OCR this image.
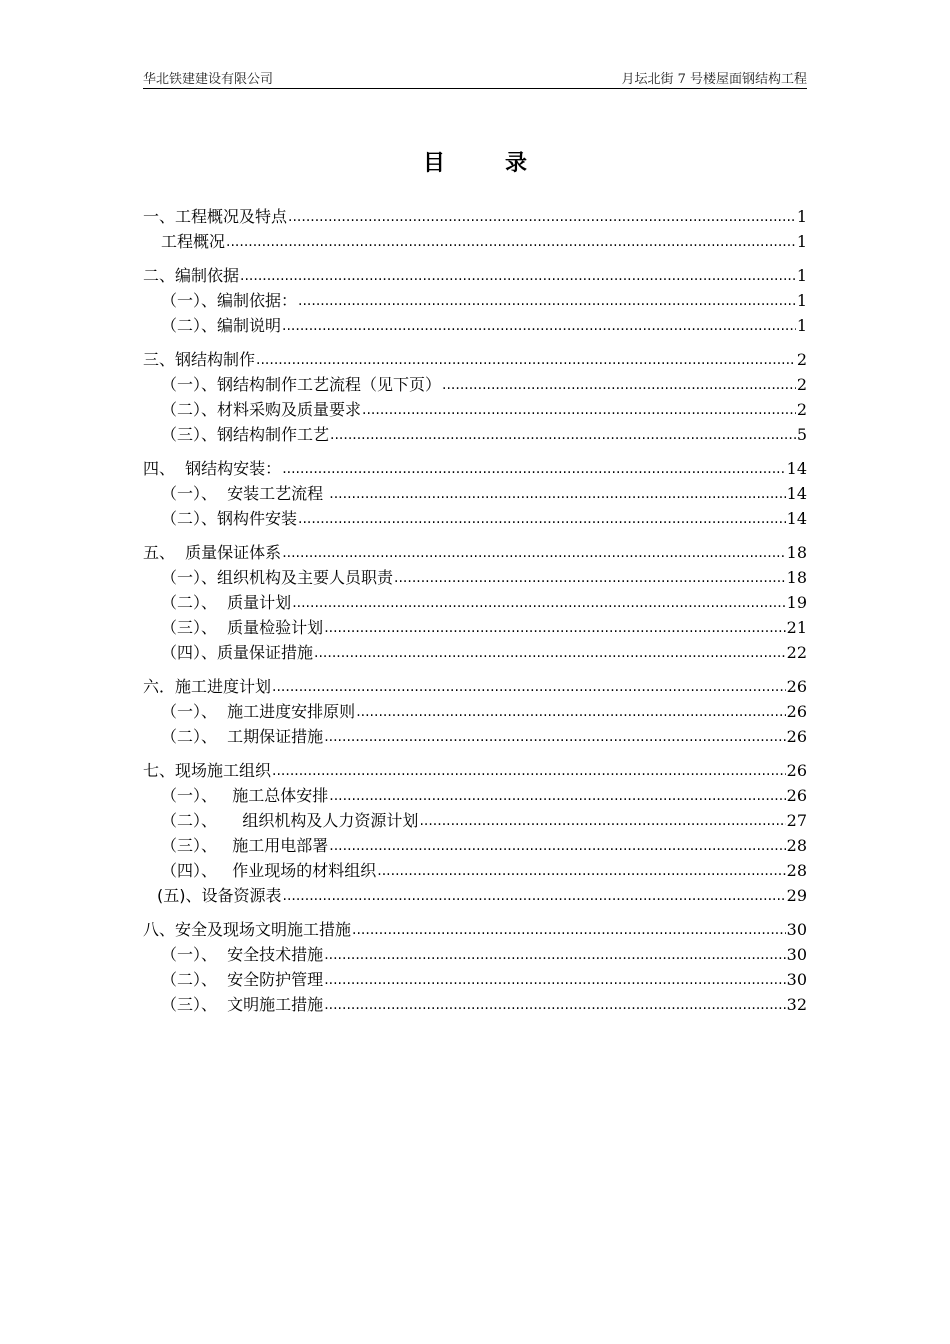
华北铁建建设有限公司	月坛北街 7 号楼屋面钢结构工程
目	录
一、工程概况及特点 .....	1
工程概况 .....	1
二、编制依据 .....	1
（一）、编制依据： .....	1
（二）、编制说明 .....	1
三、钢结构制作 .....	2
（一）、钢结构制作工艺流程（见下页） .....	2
（二）、材料采购及质量要求 .....	2
（三）、钢结构制作工艺 .....	5
四、  钢结构安装： .....	14
（一）、  安装工艺流程 .....	14
（二）、钢构件安装 .....	14
五、  质量保证体系 .....	18
（一）、组织机构及主要人员职责 .....	18
（二）、  质量计划 .....	19
（三）、  质量检验计划 .....	21
（四）、质量保证措施 .....	22
六．施工进度计划 .....	26
（一）、  施工进度安排原则 .....	26
（二）、  工期保证措施 .....	26
七、现场施工组织 .....	26
（一）、   施工总体安排 .....	26
（二）、     组织机构及人力资源计划 .....	27
（三）、   施工用电部署 .....	28
（四）、   作业现场的材料组织 .....	28
(五)、设备资源表 .....	29
八、安全及现场文明施工措施 .....	30
（一）、  安全技术措施 .....	30
（二）、  安全防护管理 .....	30
（三）、  文明施工措施 .....	32
